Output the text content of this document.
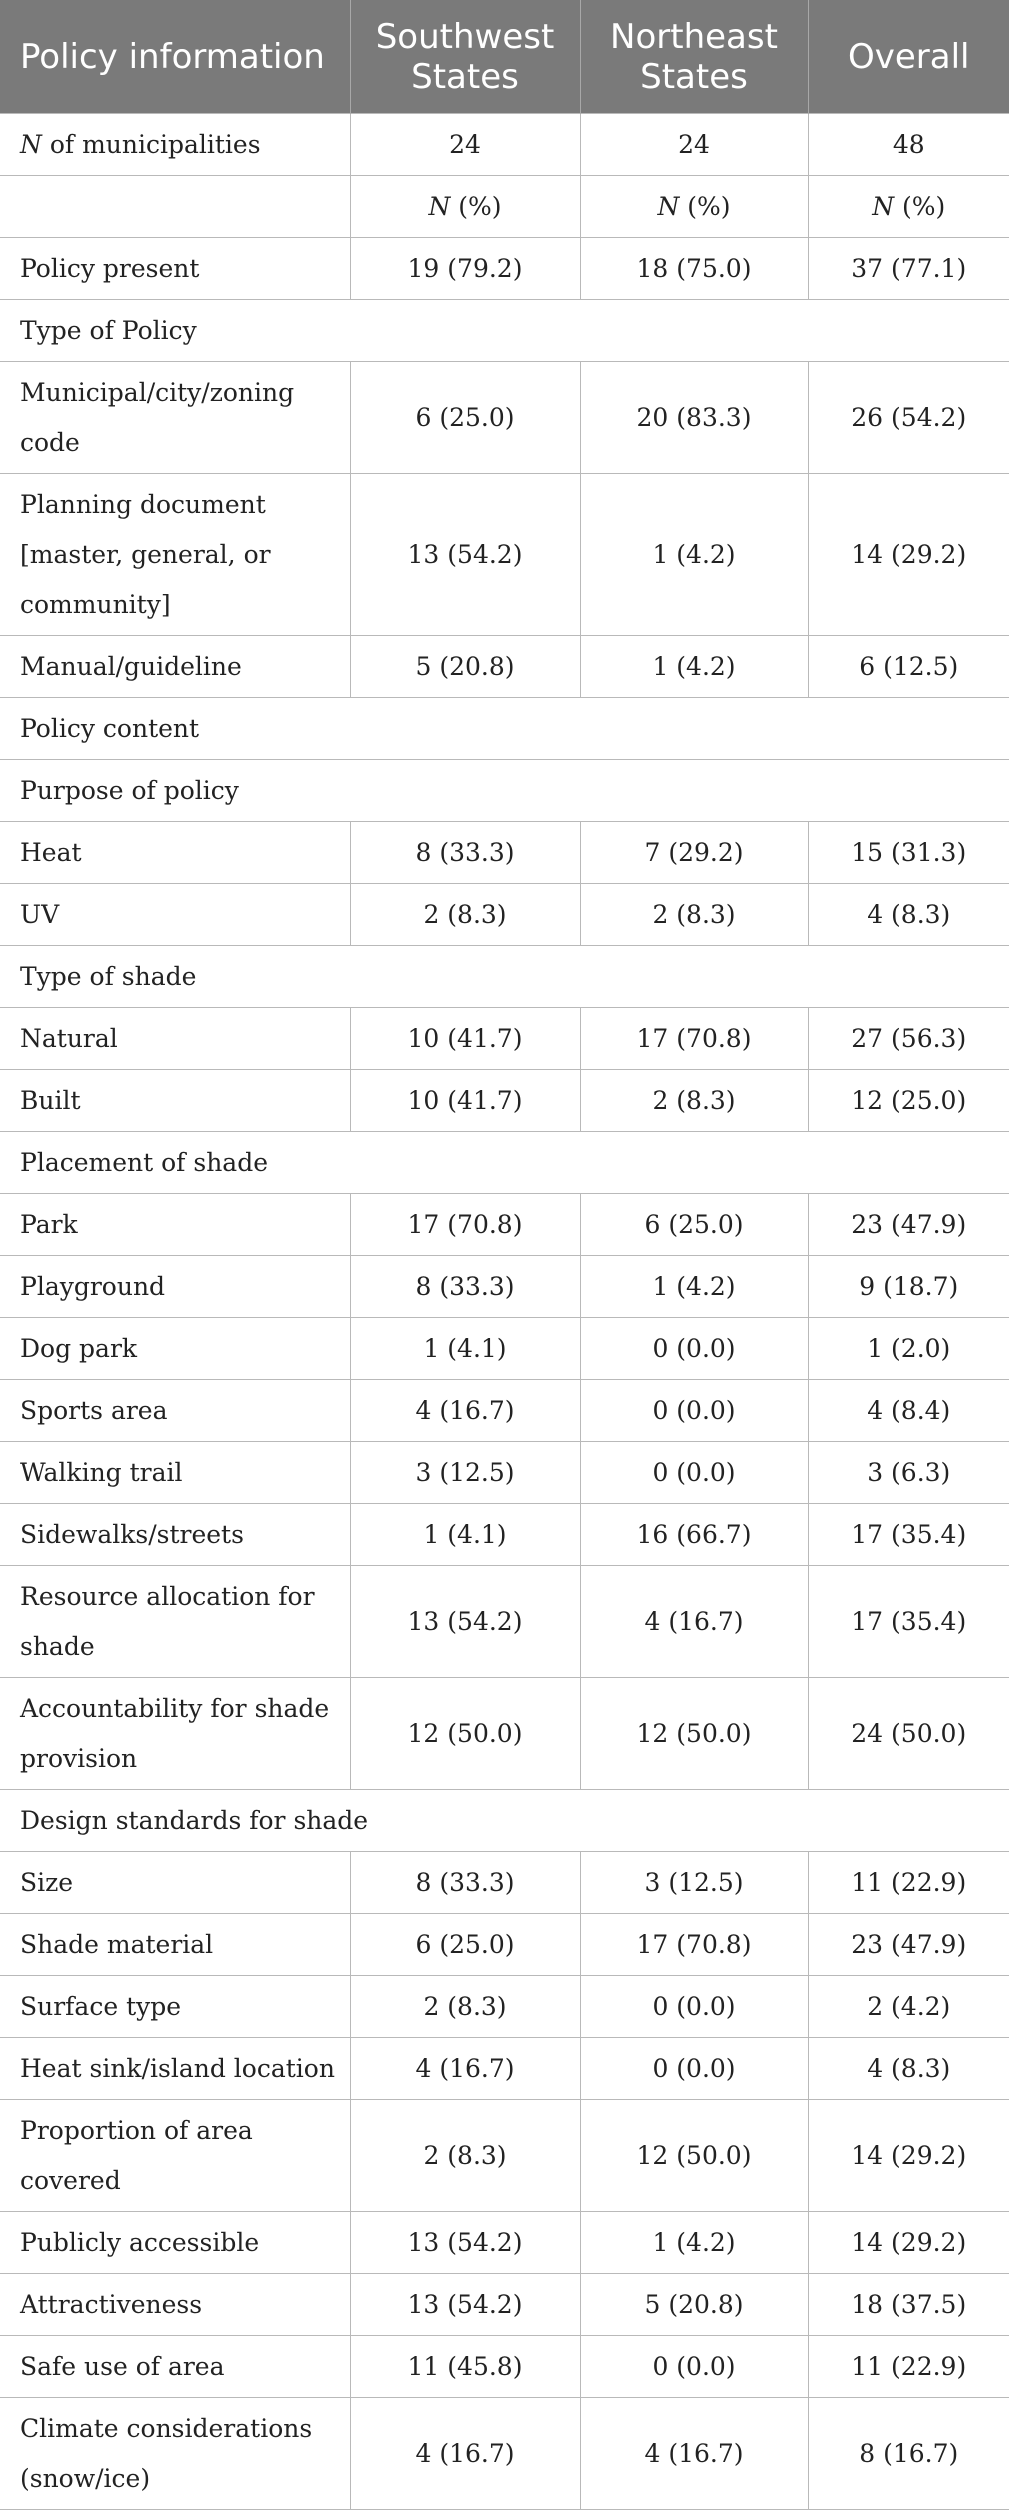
Policy information	Southwest States	Northeast States	Overall
N of municipalities	24	24	48
	N (%)	N (%)	N (%)
Policy present	19 (79.2)	18 (75.0)	37 (77.1)
Type of Policy			
Municipal/city/zoning code	6 (25.0)	20 (83.3)	26 (54.2)
Planning document [master, general, or community]	13 (54.2)	1 (4.2)	14 (29.2)
Manual/guideline	5 (20.8)	1 (4.2)	6 (12.5)
Policy content			
Purpose of policy			
Heat	8 (33.3)	7 (29.2)	15 (31.3)
UV	2 (8.3)	2 (8.3)	4 (8.3)
Type of shade			
Natural	10 (41.7)	17 (70.8)	27 (56.3)
Built	10 (41.7)	2 (8.3)	12 (25.0)
Placement of shade			
Park	17 (70.8)	6 (25.0)	23 (47.9)
Playground	8 (33.3)	1 (4.2)	9 (18.7)
Dog park	1 (4.1)	0 (0.0)	1 (2.0)
Sports area	4 (16.7)	0 (0.0)	4 (8.4)
Walking trail	3 (12.5)	0 (0.0)	3 (6.3)
Sidewalks/streets	1 (4.1)	16 (66.7)	17 (35.4)
Resource allocation for shade	13 (54.2)	4 (16.7)	17 (35.4)
Accountability for shade provision	12 (50.0)	12 (50.0)	24 (50.0)
Design standards for shade			
Size	8 (33.3)	3 (12.5)	11 (22.9)
Shade material	6 (25.0)	17 (70.8)	23 (47.9)
Surface type	2 (8.3)	0 (0.0)	2 (4.2)
Heat sink/island location	4 (16.7)	0 (0.0)	4 (8.3)
Proportion of area covered	2 (8.3)	12 (50.0)	14 (29.2)
Publicly accessible	13 (54.2)	1 (4.2)	14 (29.2)
Attractiveness	13 (54.2)	5 (20.8)	18 (37.5)
Safe use of area	11 (45.8)	0 (0.0)	11 (22.9)
Climate considerations (snow/ice)	4 (16.7)	4 (16.7)	8 (16.7)
